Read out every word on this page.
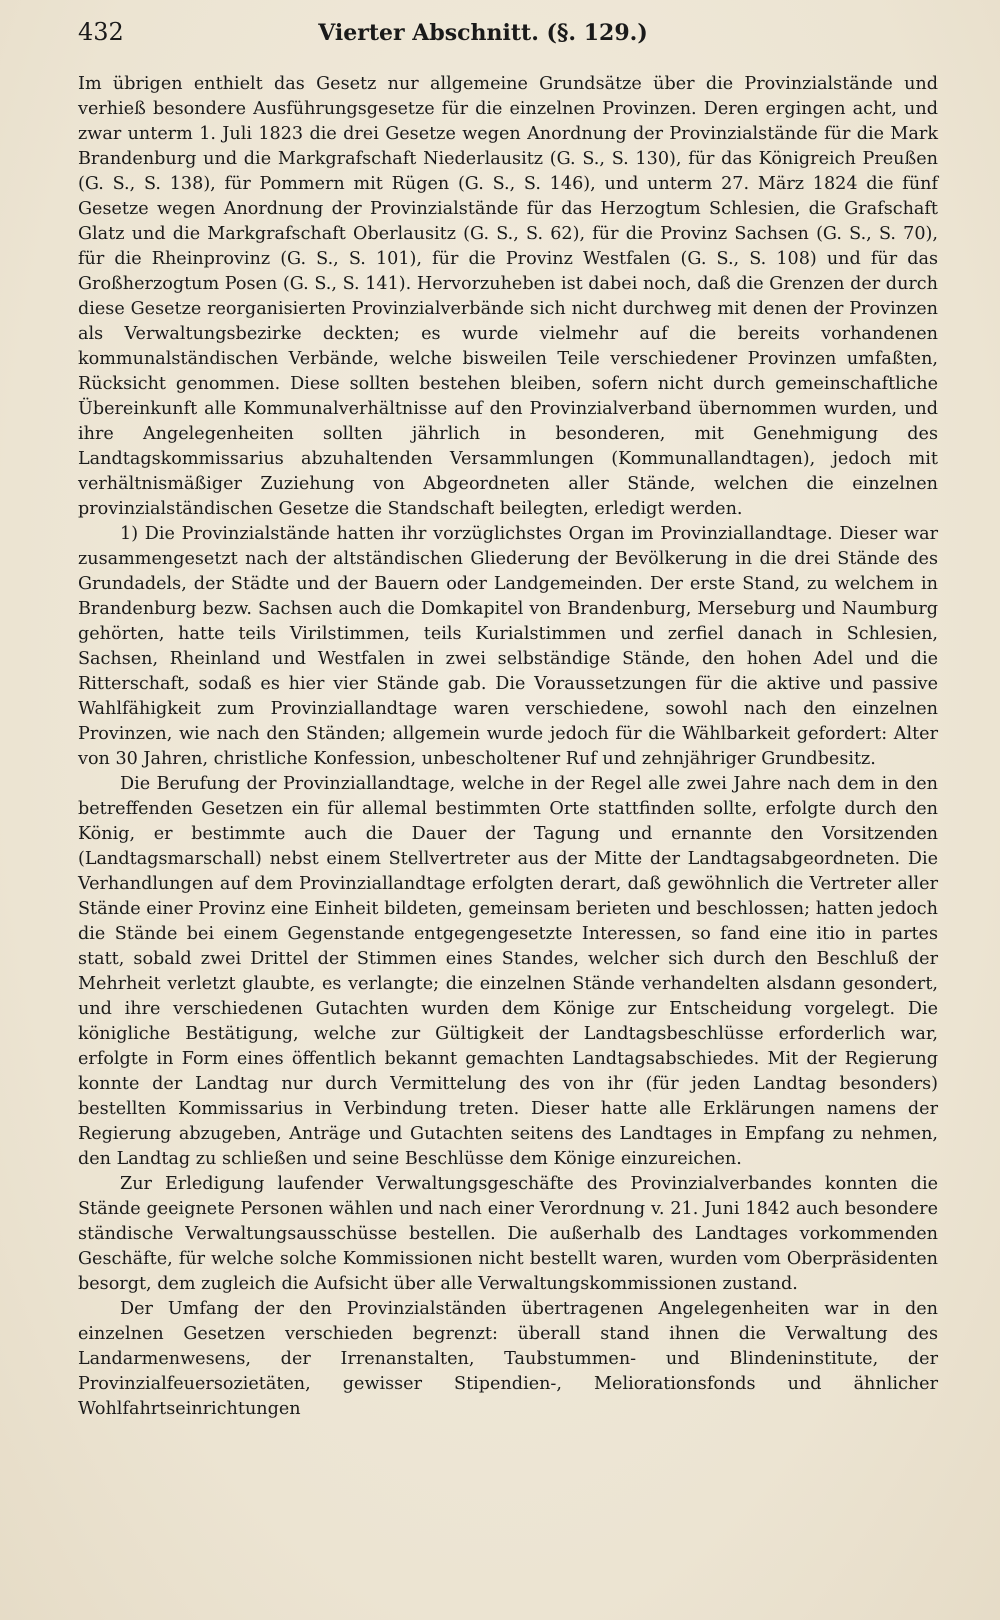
432	Vierter Abschnitt. (§. 129.)

Im übrigen enthielt das Gesetz nur allgemeine Grundsätze über die Provinzialstände und verhieß besondere Ausführungsgesetze für die einzelnen Provinzen. Deren ergingen acht, und zwar unterm 1. Juli 1823 die drei Gesetze wegen Anordnung der Provinzialstände für die Mark Brandenburg und die Markgrafschaft Niederlausitz (G. S., S. 130), für das Königreich Preußen (G. S., S. 138), für Pommern mit Rügen (G. S., S. 146), und unterm 27. März 1824 die fünf Gesetze wegen Anordnung der Provinzialstände für das Herzogtum Schlesien, die Grafschaft Glatz und die Markgrafschaft Oberlausitz (G. S., S. 62), für die Provinz Sachsen (G. S., S. 70), für die Rheinprovinz (G. S., S. 101), für die Provinz Westfalen (G. S., S. 108) und für das Großherzogtum Posen (G. S., S. 141). Hervorzuheben ist dabei noch, daß die Grenzen der durch diese Gesetze reorganisierten Provinzialverbände sich nicht durchweg mit denen der Provinzen als Verwaltungsbezirke deckten; es wurde vielmehr auf die bereits vorhandenen kommunalständischen Verbände, welche bisweilen Teile verschiedener Provinzen umfaßten, Rücksicht genommen. Diese sollten bestehen bleiben, sofern nicht durch gemeinschaftliche Übereinkunft alle Kommunalverhältnisse auf den Provinzialverband übernommen wurden, und ihre Angelegenheiten sollten jährlich in besonderen, mit Genehmigung des Landtagskommissarius abzuhaltenden Versammlungen (Kommunallandtagen), jedoch mit verhältnismäßiger Zuziehung von Abgeordneten aller Stände, welchen die einzelnen provinzialständischen Gesetze die Standschaft beilegten, erledigt werden.

1) Die Provinzialstände hatten ihr vorzüglichstes Organ im Provinziallandtage. Dieser war zusammengesetzt nach der altständischen Gliederung der Bevölkerung in die drei Stände des Grundadels, der Städte und der Bauern oder Landgemeinden. Der erste Stand, zu welchem in Brandenburg bezw. Sachsen auch die Domkapitel von Brandenburg, Merseburg und Naumburg gehörten, hatte teils Virilstimmen, teils Kurialstimmen und zerfiel danach in Schlesien, Sachsen, Rheinland und Westfalen in zwei selbständige Stände, den hohen Adel und die Ritterschaft, sodaß es hier vier Stände gab. Die Voraussetzungen für die aktive und passive Wahlfähigkeit zum Provinziallandtage waren verschiedene, sowohl nach den einzelnen Provinzen, wie nach den Ständen; allgemein wurde jedoch für die Wählbarkeit gefordert: Alter von 30 Jahren, christliche Konfession, unbescholtener Ruf und zehnjähriger Grundbesitz.

Die Berufung der Provinziallandtage, welche in der Regel alle zwei Jahre nach dem in den betreffenden Gesetzen ein für allemal bestimmten Orte stattfinden sollte, erfolgte durch den König, er bestimmte auch die Dauer der Tagung und ernannte den Vorsitzenden (Landtagsmarschall) nebst einem Stellvertreter aus der Mitte der Landtagsabgeordneten. Die Verhandlungen auf dem Provinziallandtage erfolgten derart, daß gewöhnlich die Vertreter aller Stände einer Provinz eine Einheit bildeten, gemeinsam berieten und beschlossen; hatten jedoch die Stände bei einem Gegenstande entgegengesetzte Interessen, so fand eine itio in partes statt, sobald zwei Drittel der Stimmen eines Standes, welcher sich durch den Beschluß der Mehrheit verletzt glaubte, es verlangte; die einzelnen Stände verhandelten alsdann gesondert, und ihre verschiedenen Gutachten wurden dem Könige zur Entscheidung vorgelegt. Die königliche Bestätigung, welche zur Gültigkeit der Landtagsbeschlüsse erforderlich war, erfolgte in Form eines öffentlich bekannt gemachten Landtagsabschiedes. Mit der Regierung konnte der Landtag nur durch Vermittelung des von ihr (für jeden Landtag besonders) bestellten Kommissarius in Verbindung treten. Dieser hatte alle Erklärungen namens der Regierung abzugeben, Anträge und Gutachten seitens des Landtages in Empfang zu nehmen, den Landtag zu schließen und seine Beschlüsse dem Könige einzureichen.

Zur Erledigung laufender Verwaltungsgeschäfte des Provinzialverbandes konnten die Stände geeignete Personen wählen und nach einer Verordnung v. 21. Juni 1842 auch besondere ständische Verwaltungsausschüsse bestellen. Die außerhalb des Landtages vorkommenden Geschäfte, für welche solche Kommissionen nicht bestellt waren, wurden vom Oberpräsidenten besorgt, dem zugleich die Aufsicht über alle Verwaltungskommissionen zustand.

Der Umfang der den Provinzialständen übertragenen Angelegenheiten war in den einzelnen Gesetzen verschieden begrenzt: überall stand ihnen die Verwaltung des Landarmenwesens, der Irrenanstalten, Taubstummen- und Blindeninstitute, der Provinzialfeuersozietäten, gewisser Stipendien-, Meliorationsfonds und ähnlicher Wohlfahrtseinrichtungen
